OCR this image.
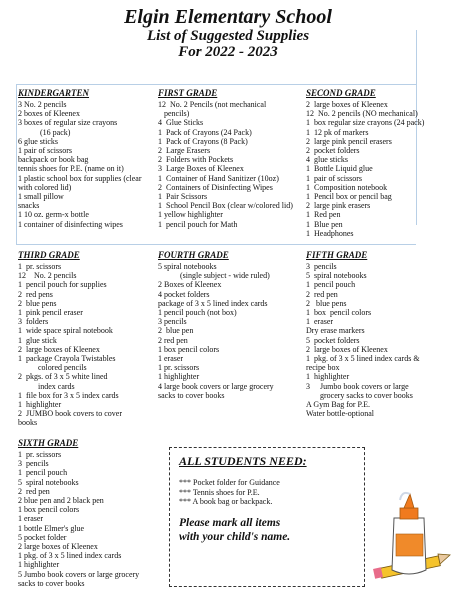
Elgin Elementary School
List of Suggested Supplies
For 2022 - 2023
KINDERGARTEN
3 No. 2 pencils
2 boxes of Kleenex
3 boxes of regular size crayons
(16 pack)
6 glue sticks
1 pair of scissors
backpack or book bag
tennis shoes for P.E. (name on it)
1 plastic school box for supplies (clear
with colored lid)
1 small pillow
snacks
1 10 oz. germ-x bottle
1 container of disinfecting wipes
FIRST GRADE
12  No. 2 Pencils (not mechanical
pencils)
4  Glue Sticks
1  Pack of Crayons (24 Pack)
1  Pack of Crayons (8 Pack)
2  Large Erasers
2  Folders with Pockets
3  Large Boxes of Kleenex
1  Container of Hand Sanitizer (10oz)
2  Containers of Disinfecting Wipes
1  Pair Scissors
1  School Pencil Box (clear w/colored lid)
1 yellow highlighter
1  pencil pouch for Math
SECOND GRADE
2  large boxes of Kleenex
12  No. 2 pencils (NO mechanical)
1  box regular size crayons (24 pack)
1  12 pk of markers
2  large pink pencil erasers
2  pocket folders
4  glue sticks
1  Bottle Liquid glue
1  pair of scissors
1  Composition notebook
1  Pencil box or pencil bag
2  large pink erasers
1  Red pen
1  Blue pen
1  Headphones
THIRD GRADE
1  pr. scissors
12    No. 2 pencils
1  pencil pouch for supplies
2  red pens
2  blue pens
1  pink pencil eraser
3  folders
1  wide space spiral notebook
1  glue stick
2  large boxes of Kleenex
1  package Crayola Twistables
colored pencils
2  pkgs. of 3 x 5 white lined
index cards
1  file box for 3 x 5 index cards
1  highlighter
2  JUMBO book covers to cover
books
FOURTH GRADE
5 spiral notebooks
(single subject - wide ruled)
2 Boxes of Kleenex
4 pocket folders
package of 3 x 5 lined index cards
1 pencil pouch (not box)
3 pencils
2  blue pen
2 red pen
1 box pencil colors
1 eraser
1 pr. scissors
1 highlighter
4 large book covers or large grocery
sacks to cover books
FIFTH GRADE
3  pencils
5  spiral notebooks
1  pencil pouch
2  red pen
2   blue pens
1  box  pencil colors
1  eraser
Dry erase markers
5  pocket folders
2  large boxes of Kleenex
1  pkg. of 3 x 5 lined index cards &
recipe box
1  highlighter
3     Jumbo book covers or large
grocery sacks to cover books
A Gym Bag for P.E.
Water bottle-optional
SIXTH GRADE
1  pr. scissors
3  pencils
1  pencil pouch
5  spiral notebooks
2  red pen
2 blue pen and 2 black pen
1 box pencil colors
1 eraser
1 bottle Elmer's glue
5 pocket folder
2 large boxes of Kleenex
1 pkg. of 3 x 5 lined index cards
1 highlighter
5 Jumbo book covers or large grocery
sacks to cover books
ALL STUDENTS NEED:
*** Pocket folder for Guidance
*** Tennis shoes for P.E.
*** A book bag or backpack.
Please mark all items
with your child's name.
